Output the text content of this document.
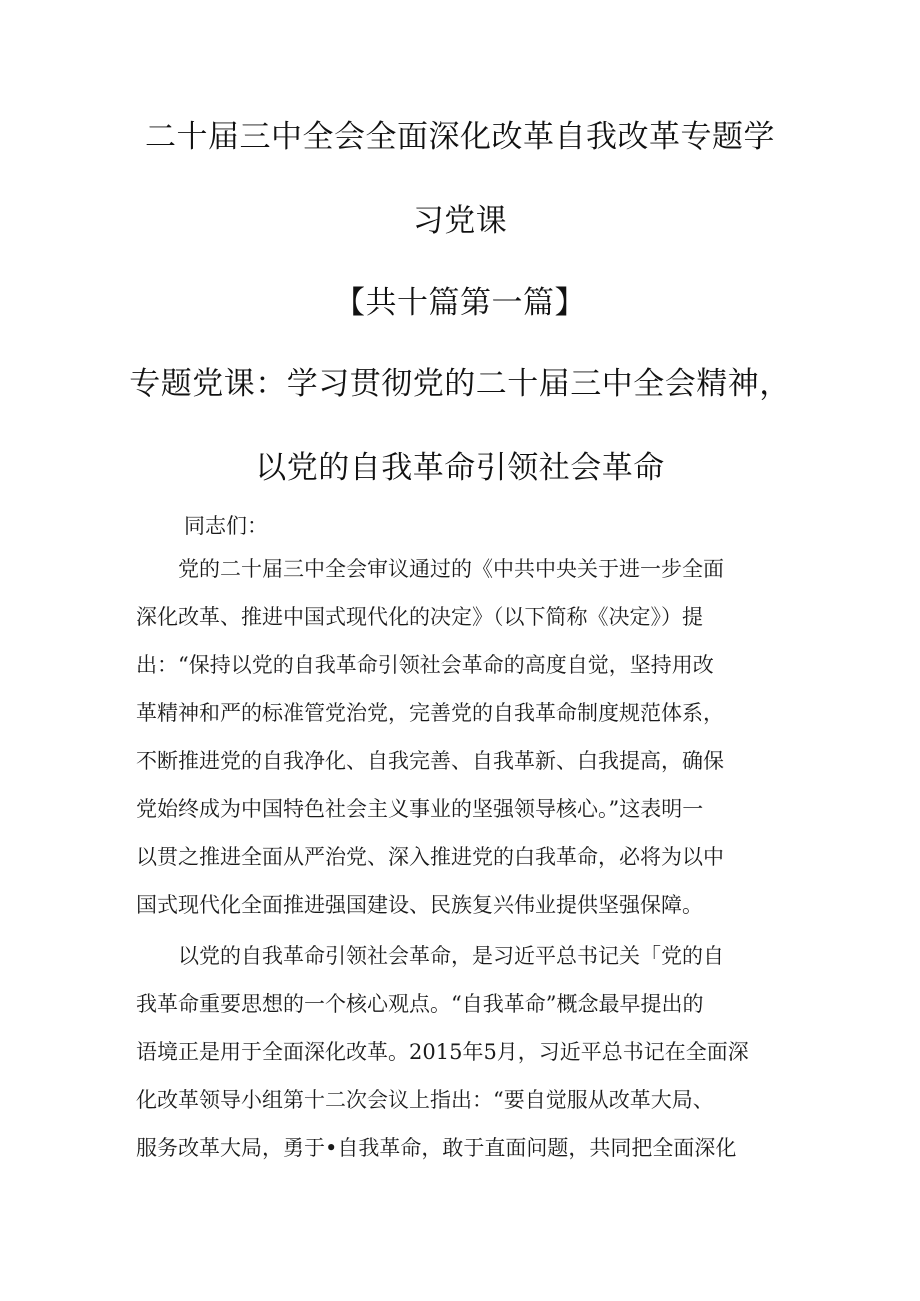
二十届三中全会全面深化改革自我改革专题学
习党课
【共十篇第一篇】
专题党课：学习贯彻党的二十届三中全会精神，
以党的自我革命引领社会革命
同志们：
　　党的二十届三中全会审议通过的《中共中央关于进一步全面
深化改革、推进中国式现代化的决定》（以下简称《决定》）提
出：“保持以党的自我革命引领社会革命的高度自觉，坚持用改
革精神和严的标准管党治党，完善党的自我革命制度规范体系，
不断推进党的自我净化、自我完善、自我革新、白我提高，确保
党始终成为中国特色社会主义事业的坚强领导核心。”这表明一
以贯之推进全面从严治党、深入推进党的白我革命，必将为以中
国式现代化全面推进强国建设、民族复兴伟业提供坚强保障。
　　以党的自我革命引领社会革命，是习近平总书记关「党的自
我革命重要思想的一个核心观点。“自我革命”概念最早提出的
语境正是用于全面深化改革。2015年5月，习近平总书记在全面深
化改革领导小组第十二次会议上指出：“要自觉服从改革大局、
服务改革大局，勇于•自我革命，敢于直面问题，共同把全面深化
